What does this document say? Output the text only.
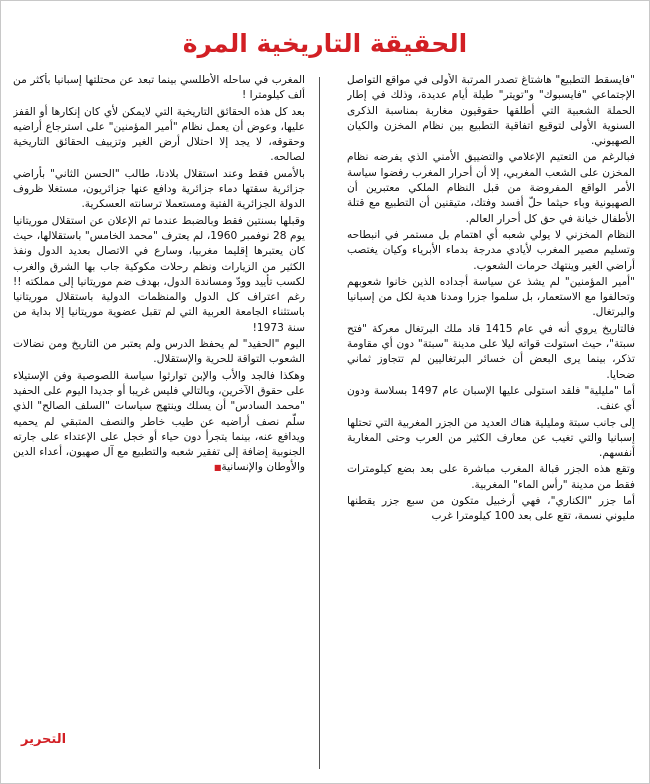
الحقيقة التاريخية المرة

"فايسقط التطبيع" هاشتاغ تصدر المرتبة الأولى في مواقع التواصل الإجتماعي "فايسبوك" و"تويتر" طيلة أيام عديدة، وذلك في إطار الحملة الشعبية التي أطلقها حقوقيون مغاربة بمناسبة الذكرى السنوية الأولى لتوقيع اتفاقية التطبيع بين نظام المخزن والكيان الصهيوني.

فبالرغم من التعتيم الإعلامي والتضييق الأمني الذي يفرضه نظام المخزن على الشعب المغربي، إلا أن أحرار المغرب رفضوا سياسة الأمر الواقع المفروضة من قبل النظام الملكي معتبرين أن الصهيونية وباء حيثما حلّ أفسد وفتك، متيقنين أن التطبيع مع قتلة الأطفال خيانة في حق كل أحرار العالم.

النظام المخزني لا يولي شعبه أي اهتمام بل مستمر في انبطاحه وتسليم مصير المغرب لأيادي مدرجة بدماء الأبرياء وكيان يغتصب أراضي الغير وينتهك حرمات الشعوب.

"أمير المؤمنين" لم يشذ عن سياسة أجداده الذين خانوا شعوبهم وتحالفوا مع الاستعمار، بل سلموا جزرا ومدنا هدية لكل من إسبانيا والبرتغال.

فالتاريخ يروي أنه في عام 1415 قاد ملك البرتغال معركة "فتح سبتة"، حيث استولت قواته ليلا على مدينة "سبتة" دون أي مقاومة تذكر، بينما يرى البعض أن خسائر البرتغاليين لم تتجاوز ثماني ضحايا.

أما "مليلية" فلقد استولى عليها الإسبان عام 1497 بسلاسة ودون أي عنف.

إلى جانب سبتة ومليلية هناك العديد من الجزر المغربية التي تحتلها إسبانيا والتي تغيب عن معارف الكثير من العرب وحتى المغاربة أنفسهم.

وتقع هذه الجزر قبالة المغرب مباشرة على بعد بضع كيلومترات فقط من مدينة "رأس الماء" المغربية.

أما جزر "الكناري"، فهي أرخبيل متكون من سبع جزر يقطنها مليوني نسمة، تقع على بعد 100 كيلومترا غرب

المغرب في ساحله الأطلسي بينما تبعد عن محتلتها إسبانيا بأكثر من ألف كيلومترا !

بعد كل هذه الحقائق التاريخية التي لايمكن لأي كان إنكارها أو القفز عليها، وعوض أن يعمل نظام "أمير المؤمنين" على استرجاع أراضيه وحقوقه، لا يجد إلا احتلال أرض الغير وتزييف الحقائق التاريخية لصالحه.

بالأمس فقط وعند استقلال بلادنا، طالب "الحسن الثاني" بأراضي جزائرية سقتها دماء جزائرية ودافع عنها جزائريون، مستغلا ظروف الدولة الجزائرية الفتية ومستعملا ترسانته العسكرية.

وقبلها بسنتين فقط وبالضبط عندما تم الإعلان عن استقلال موريتانيا يوم 28 نوفمبر 1960، لم يعترف "محمد الخامس" باستقلالها، حيث كان يعتبرها إقليما مغربيا، وسارع في الاتصال بعديد الدول ونفذ الكثير من الزيارات ونظم رحلات مكوكية جاب بها الشرق والغرب لكسب تأييد وودّ ومساندة الدول، بهدف ضم موريتانيا إلى مملكته !! رغم اعتراف كل الدول والمنظمات الدولية باستقلال موريتانيا باستثناء الجامعة العربية التي لم تقبل عضوية موريتانيا إلا بداية من سنة 1973!

اليوم "الحفيد" لم يحفظ الدرس ولم يعتبر من التاريخ ومن نضالات الشعوب التواقة للحرية والإستقلال.

وهكذا فالجد والأب والإبن توارثوا سياسة اللصوصية وفن الإستيلاء على حقوق الآخرين، وبالتالي فليس غريبا أو جديدا اليوم على الحفيد "محمد السادس" أن يسلك وينتهج سياسات "السلف الصالح" الذي سلّم نصف أراضيه عن طيب خاطر والنصف المتبقي لم يحميه ويدافع عنه، بينما يتجرأ دون حياء أو خجل على الإعتداء على جارته الجنوبية إضافة إلى تفقير شعبه والتطبيع مع آل صهيون، أعداء الدين والأوطان والإنسانية■

التحرير
